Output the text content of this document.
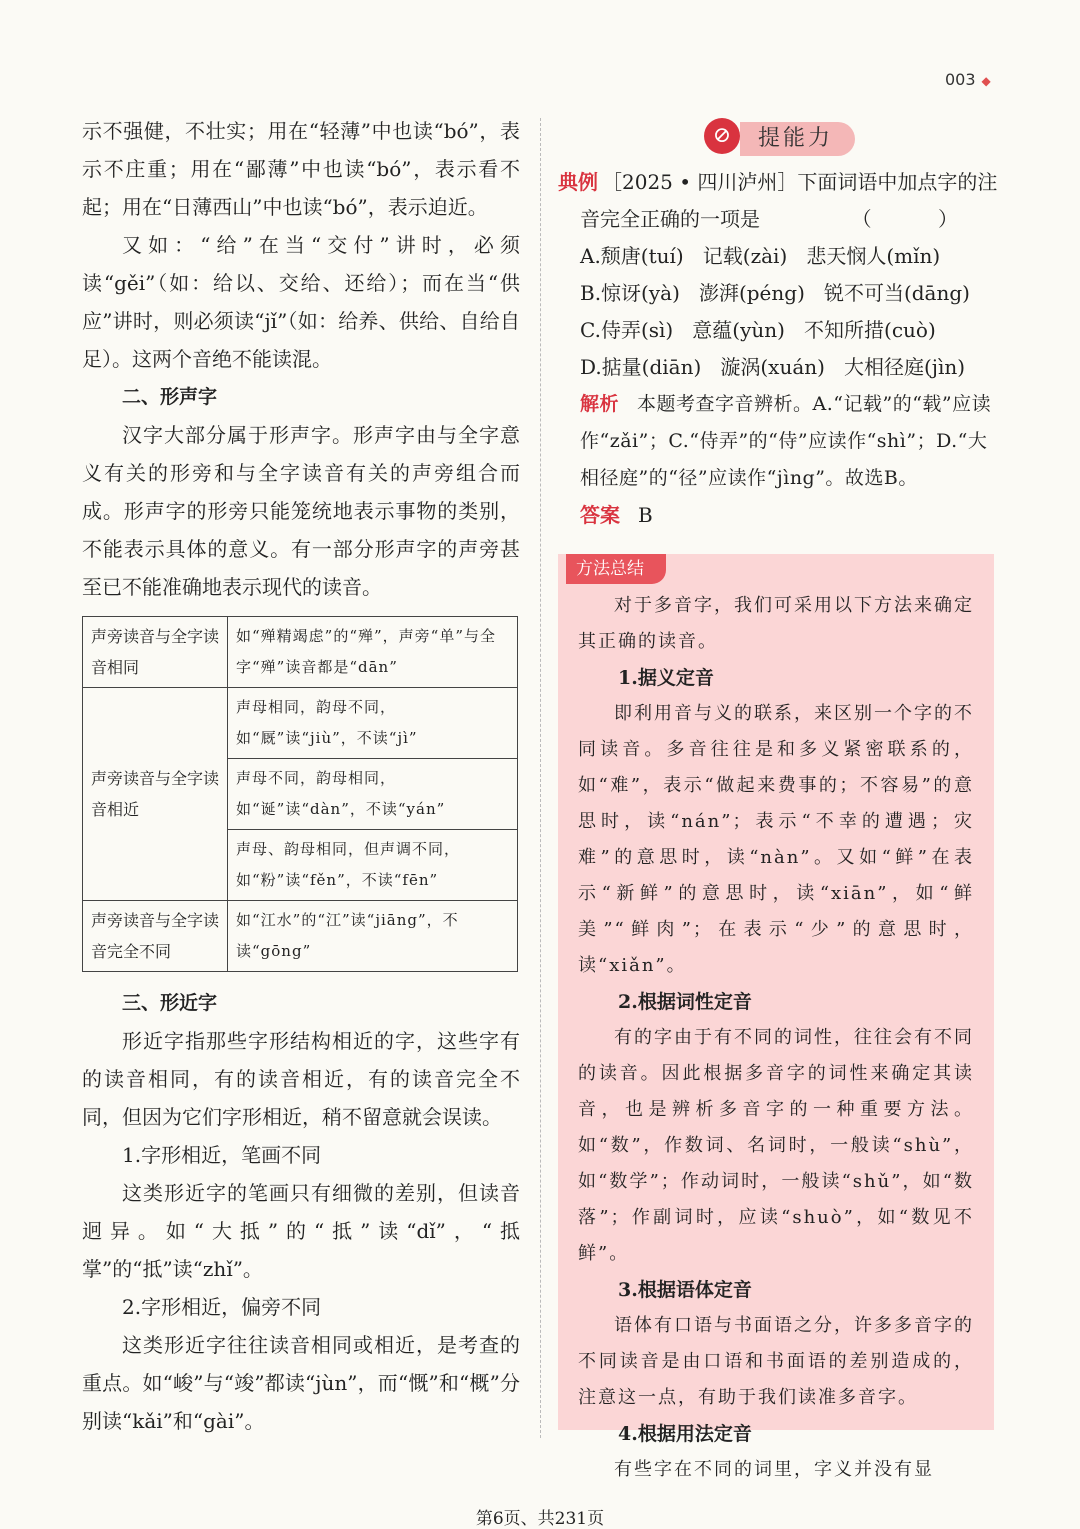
003 ◆

示不强健，不壮实；用在“轻薄”中也读“bó”，表示不庄重；用在“鄙薄”中也读“bó”，表示看不起；用在“日薄西山”中也读“bó”，表示迫近。

又如：“给”在当“交付”讲时，必须读“gěi”（如：给以、交给、还给）；而在当“供应”讲时，则必须读“jǐ”（如：给养、供给、自给自足）。这两个音绝不能读混。

二、形声字

汉字大部分属于形声字。形声字由与全字意义有关的形旁和与全字读音有关的声旁组合而成。形声字的形旁只能笼统地表示事物的类别，不能表示具体的意义。有一部分形声字的声旁甚至已不能准确地表示现代的读音。

声旁读音与全字读音相同	如“殚精竭虑”的“殚”，声旁“单”与全字“殚”读音都是“dān”
声旁读音与全字读音相近	声母相同，韵母不同，如“厩”读“jiù”，不读“jì”
	声母不同，韵母相同，如“诞”读“dàn”，不读“yán”
	声母、韵母相同，但声调不同，如“粉”读“fěn”，不读“fēn”
声旁读音与全字读音完全不同	如“江水”的“江”读“jiāng”，不读“gōng”

三、形近字

形近字指那些字形结构相近的字，这些字有的读音相同，有的读音相近，有的读音完全不同，但因为它们字形相近，稍不留意就会误读。

1.字形相近，笔画不同

这类形近字的笔画只有细微的差别，但读音迥异。如“大抵”的“抵”读“dǐ”，“抵掌”的“抵”读“zhǐ”。

2.字形相近，偏旁不同

这类形近字往往读音相同或相近，是考查的重点。如“峻”与“竣”都读“jùn”，而“慨”和“概”分别读“kǎi”和“gài”。

⊘	提能力

典例 ［2025 • 四川泸州］下面词语中加点字的注

音完全正确的一项是	（ ）

A.颓唐(tuí)   记载(zài)   悲天悯人(mǐn)

B.惊讶(yà)   澎湃(péng)   锐不可当(dāng)

C.侍弄(sì)   意蕴(yùn)   不知所措(cuò)

D.掂量(diān)   漩涡(xuán)   大相径庭(jìn)

解析 本题考查字音辨析。A.“记载”的“载”应读作“zǎi”；C.“侍弄”的“侍”应读作“shì”；D.“大相径庭”的“径”应读作“jìng”。故选B。

答案 B

方法总结

对于多音字，我们可采用以下方法来确定其正确的读音。

1.据义定音

即利用音与义的联系，来区别一个字的不同读音。多音往往是和多义紧密联系的，如“难”，表示“做起来费事的；不容易”的意思时，读“nán”；表示“不幸的遭遇；灾难”的意思时，读“nàn”。又如“鲜”在表示“新鲜”的意思时，读“xiān”，如“鲜美”“鲜肉”；在表示“少”的意思时，读“xiǎn”。

2.根据词性定音

有的字由于有不同的词性，往往会有不同的读音。因此根据多音字的词性来确定其读音，也是辨析多音字的一种重要方法。如“数”，作数词、名词时，一般读“shù”，如“数学”；作动词时，一般读“shǔ”，如“数落”；作副词时，应读“shuò”，如“数见不鲜”。

3.根据语体定音

语体有口语与书面语之分，许多多音字的不同读音是由口语和书面语的差别造成的，注意这一点，有助于我们读准多音字。

4.根据用法定音

有些字在不同的词里，字义并没有显

第6页、共231页
